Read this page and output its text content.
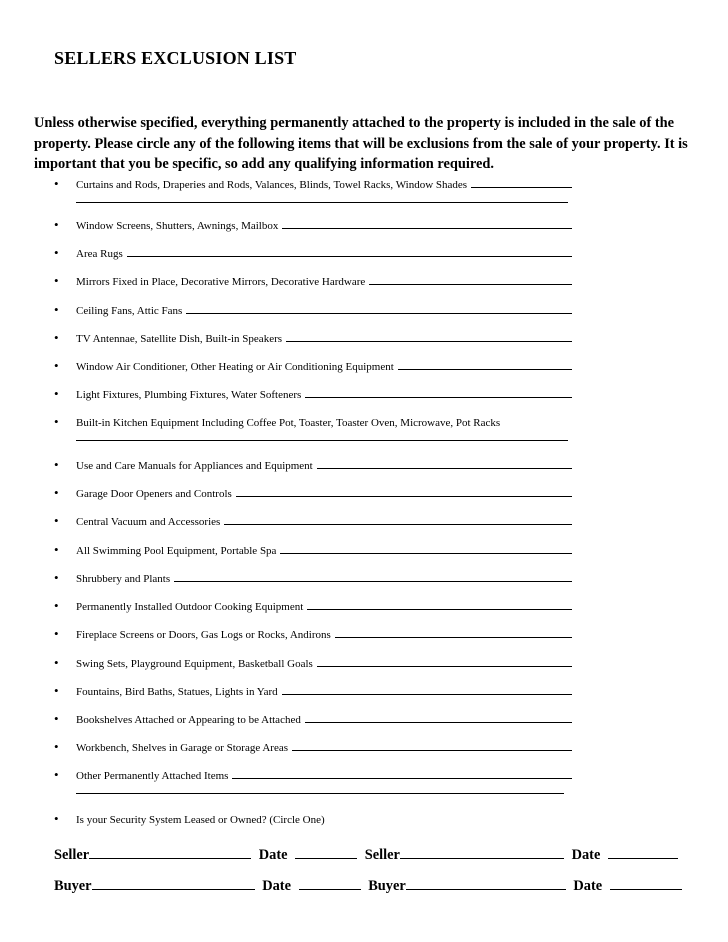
SELLERS EXCLUSION LIST
Unless otherwise specified, everything permanently attached to the property is included in the sale of the property. Please circle any of the following items that will be exclusions from the sale of your property. It is important that you be specific, so add any qualifying information required.
• Curtains and Rods, Draperies and Rods, Valances, Blinds, Towel Racks, Window Shades
• Window Screens, Shutters, Awnings, Mailbox
• Area Rugs
• Mirrors Fixed in Place, Decorative Mirrors, Decorative Hardware
• Ceiling Fans, Attic Fans
• TV Antennae, Satellite Dish, Built-in Speakers
• Window Air Conditioner, Other Heating or Air Conditioning Equipment
• Light Fixtures, Plumbing Fixtures, Water Softeners
• Built-in Kitchen Equipment Including Coffee Pot, Toaster, Toaster Oven, Microwave, Pot Racks
• Use and Care Manuals for Appliances and Equipment
• Garage Door Openers and Controls
• Central Vacuum and Accessories
• All Swimming Pool Equipment, Portable Spa
• Shrubbery and Plants
• Permanently Installed Outdoor Cooking Equipment
• Fireplace Screens or Doors, Gas Logs or Rocks, Andirons
• Swing Sets, Playground Equipment, Basketball Goals
• Fountains, Bird Baths, Statues, Lights in Yard
• Bookshelves Attached or Appearing to be Attached
• Workbench, Shelves in Garage or Storage Areas
• Other Permanently Attached Items
• Is your Security System Leased or Owned? (Circle One)
Seller	Date	Seller	Date
Buyer	Date	Buyer	Date
